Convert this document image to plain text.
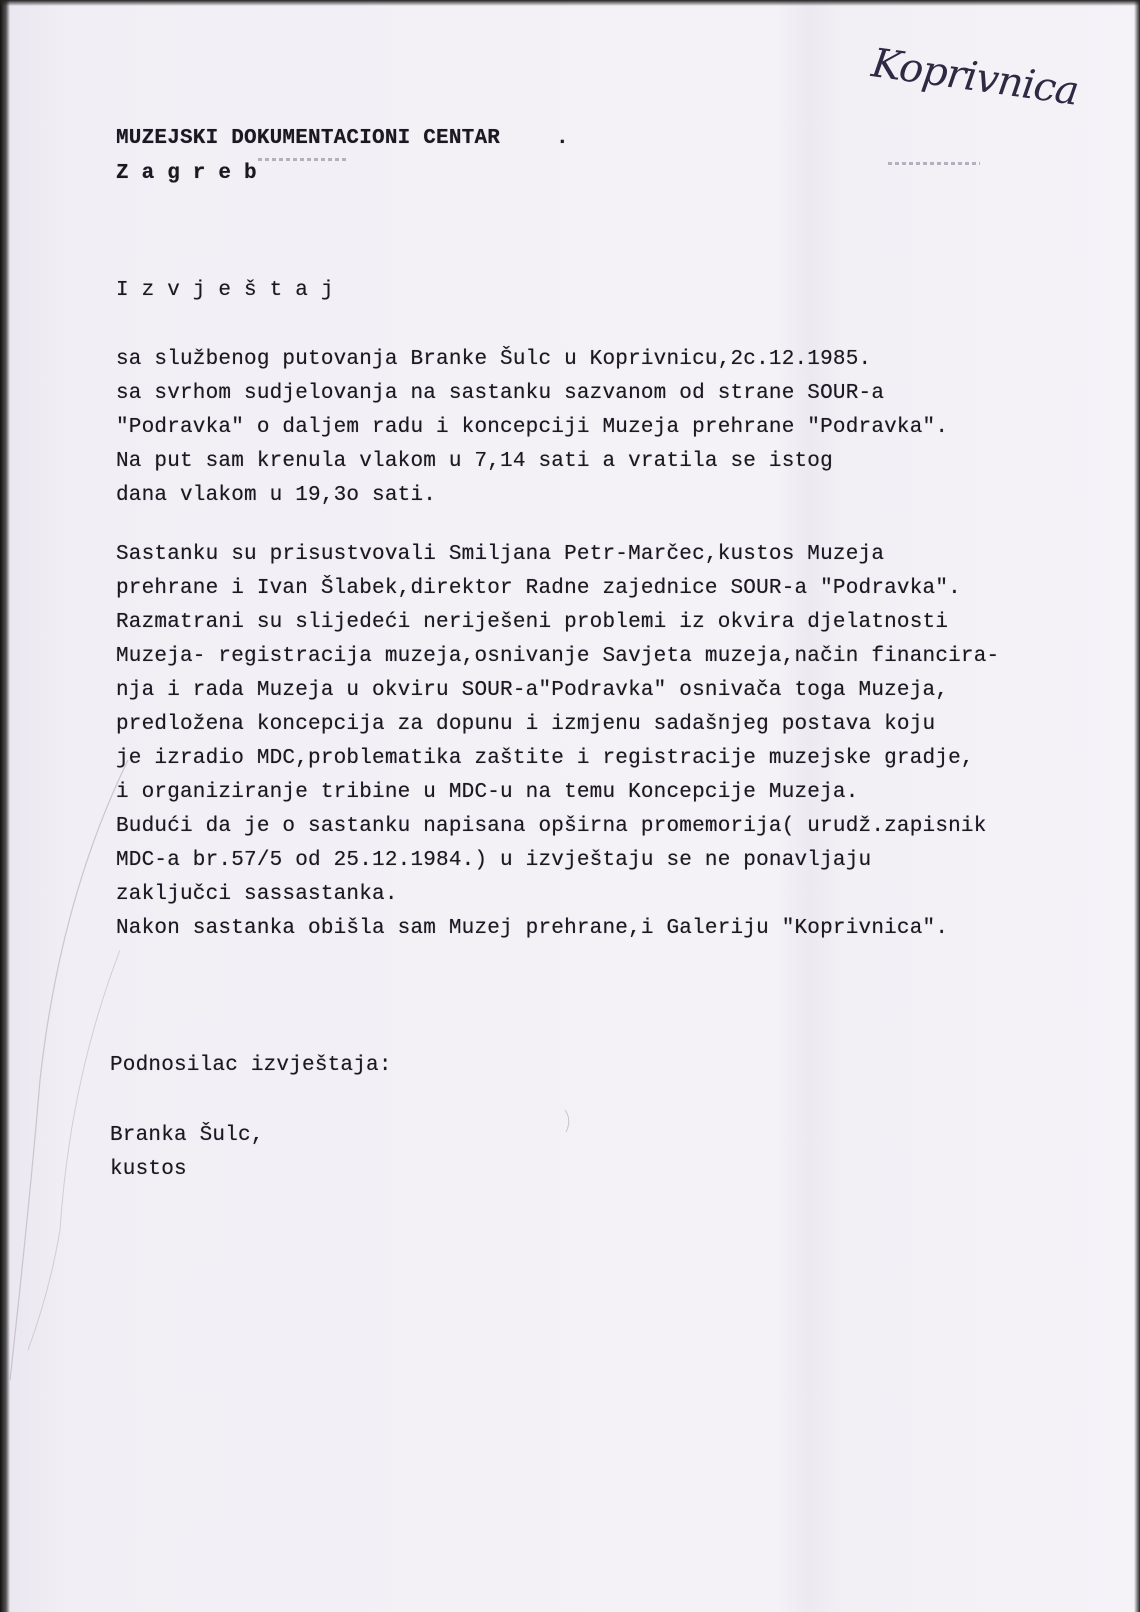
Koprivnica

MUZEJSKI DOKUMENTACIONI CENTAR	.

Z a g r e b

I z v j e š t a j

sa službenog putovanja Branke Šulc u Koprivnicu,2c.12.1985.

sa svrhom sudjelovanja na sastanku sazvanom od strane SOUR-a

"Podravka" o daljem radu i koncepciji Muzeja prehrane "Podravka".

Na put sam krenula vlakom u 7,14 sati a vratila se istog

dana vlakom u 19,3o sati.

Sastanku su prisustvovali Smiljana Petr-Marčec,kustos Muzeja

prehrane i Ivan Šlabek,direktor Radne zajednice SOUR-a "Podravka".

Razmatrani su slijedeći neriješeni problemi iz okvira djelatnosti

Muzeja- registracija muzeja,osnivanje Savjeta muzeja,način financira-

nja i rada Muzeja u okviru SOUR-a"Podravka" osnivača toga Muzeja,

predložena koncepcija za dopunu i izmjenu sadašnjeg postava koju

je izradio MDC,problematika zaštite i registracije muzejske gradje,

i organiziranje tribine u MDC-u na temu Koncepcije Muzeja.

Budući da je o sastanku napisana opširna promemorija( urudž.zapisnik

MDC-a br.57/5 od 25.12.1984.) u izvještaju se ne ponavljaju

zaključci sassastanka.

Nakon sastanka obišla sam Muzej prehrane,i Galeriju "Koprivnica".

Podnosilac izvještaja:

Branka Šulc,

kustos
